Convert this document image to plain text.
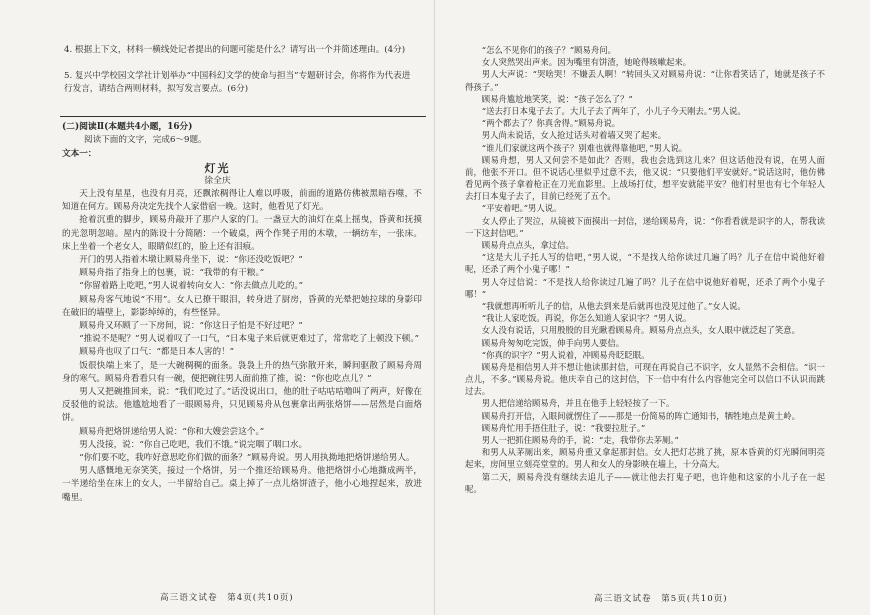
4. 根据上下文，材料一横线处记者提出的问题可能是什么？请写出一个并简述理由。(4分)
5. 复兴中学校园文学社计划举办“中国科幻文学的使命与担当”专题研讨会，你将作为代表进行发言，请结合两则材料，拟写发言要点。(6分)
(二)阅读Ⅱ(本题共4小题，16分)
阅读下面的文字，完成6～9题。
文本一：
灯光
徐全庆

天上没有星星，也没有月亮，还飘浓稠得让人难以呼吸，前面的道路仿佛被黑暗吞噬，不知道在何方。顾易舟决定先找个人家借宿一晚。这时，他看见了灯光。

抢着沉重的脚步，顾易舟敲开了那户人家的门。一盏豆大的油灯在桌上摇曳，昏黄和抚摸的光忽明忽暗。屋内的陈设十分简陋：一个破桌，两个作凳子用的木墩，一辆纺车，一张床。床上坐着一个老女人，眼睛似红的，脸上还有泪痕。

开门的男人指着木墩让顾易舟坐下，说：“你还没吃饭吧？”

顾易舟指了指身上的包裹，说：“我带的有干粮。”

“你留着路上吃吧，”男人说着转向女人：“你去做点儿吃的。”

顾易舟客气地说“不用”。女人已撩干眼泪，转身进了厨房，昏黄的光晕把她拉球的身影印在破旧的墙壁上，影影绰绰的，有些怪异。

顾易舟又环顾了一下房间，说：“你这日子怕是不好过吧？”

“推说不是呢？”男人说着叹了一口气，“日本鬼子来后就更难过了，常常吃了上顿没下顿。”

顾易舟也叹了口气：“都是日本人害的！”

饭很快端上来了，是一大碗稠稠的面条。袅袅上升的热气弥散开来，瞬间驱散了顾易舟周身的寒气。顾易舟看看只有一碗，便把碗往男人面前推了推，说：“你也吃点儿？”

男人又把碗推回来，说：“我们吃过了。”话没说出口，他的肚子咕咕咕噜叫了两声，好像在反驳他的说法。他尴尬地看了一眼顾易舟，只见顾易舟从包裹拿出两张烙饼——居然是白面烙饼。

顾易舟把烙饼递给男人说：“你和大嫂尝尝这个。”

男人没接，说：“你自己吃吧，我们不饿。”说完咽了咽口水。

“你们要不吃，我咋好意思吃你们做的面条？”顾易舟说。男人用执拗地把烙饼递给男人。

男人感慨地无奈笑笑，接过一个烙饼，另一个推还给顾易舟。他把烙饼小心地撕成两半，一半递给坐在床上的女人，一半留给自己。桌上掉了一点儿烙饼渣子，他小心地捏起来，放进嘴里。

高三语文试卷　第4页(共10页)

“怎么不见你们的孩子？”顾易舟问。

女人突然哭出声来。因为嘴里有饼渣，她呛得咳嗽起来。

男人大声说：“哭啥哭！不嫌丢人啊！”转回头又对顾易舟说：“让你看笑话了，她就是孩子不得孩子。”

顾易舟尴尬地笑笑，说：“孩子怎么了？”

“送去打日本鬼子去了。大儿子去了两年了，小儿子今天刚去。”男人说。

“两个都去了？你真舍得。”顾易舟说。

男人尚未说话，女人抢过话头对着墙又哭了起来。

“谁儿们家就这两个孩子？别难也就得靠他吧，”男人说。

顾易舟想，男人又何尝不是如此？否则，我也会选到这儿来？但这话他没有说，在男人面前，他张不开口。但不说话心里似乎过意不去，他又说：“只要他们平安就好。”说话这时，他仿佛看见两个孩子拿着枪正在刀光血影里。上战场打仗，想平安就能平安？他们村里也有七个年轻人去打日本鬼子去了，目前已经死了五个。

“平安着吧。”男人说。

女人停止了哭泣，从镜被下面摸出一封信，递给顾易舟，说：“你看看就是识字的人，帮我读一下这封信吧。”

顾易舟点点头，拿过信。

“这是大儿子托人写的信吧，”男人说，“不是找人给你读过几遍了吗？儿子在信中说他好着呢，还杀了两个小鬼子哪！”

男人夺过信说：“不是找人给你读过几遍了吗？儿子在信中说他好着呢，还杀了两个小鬼子哪！”

“我就想再听听儿子的信，从他去到来是后就再也没见过他了。”女人说。

“我让人家吃饭。再说，你怎么知道人家识字？”男人说。

女人没有说话，只用殷殷的目光瞅看顾易舟。顾易舟点点头，女人眼中就泛起了笑意。

顾易舟匆匆吃完饭，伸手向男人要信。

“你真的识字？”男人说着，冲顾易舟眨眨眼。

顾易舟是相信男人并不想让他读那封信，可现在再说自己不识字，女人显然不会相信。“识一点儿，不多。”顾易舟说。他庆幸自己的这封信，下一信中有什么内容他完全可以信口不认识而跳过去。

男人把信递给顾易舟，并且在他手上轻轻按了一下。

顾易舟打开信，入眼间就愣住了——那是一份简易的阵亡通知书，牺牲地点是黄土岭。

顾易舟忙用手捂住肚子，说：“我要拉肚子。”

男人一把抓住顾易舟的手，说：“走，我带你去茅厕。”

和男人从茅厕出来，顾易舟重又拿起那封信。女人把灯芯挑了挑，原本昏黄的灯光瞬间明亮起来，房间里立刻亮堂堂的。男人和女人的身影映在墙上，十分高大。

第二天，顾易舟没有继续去追儿子——就让他去打鬼子吧，也许他和这家的小儿子在一起呢。

高三语文试卷　第5页(共10页)
